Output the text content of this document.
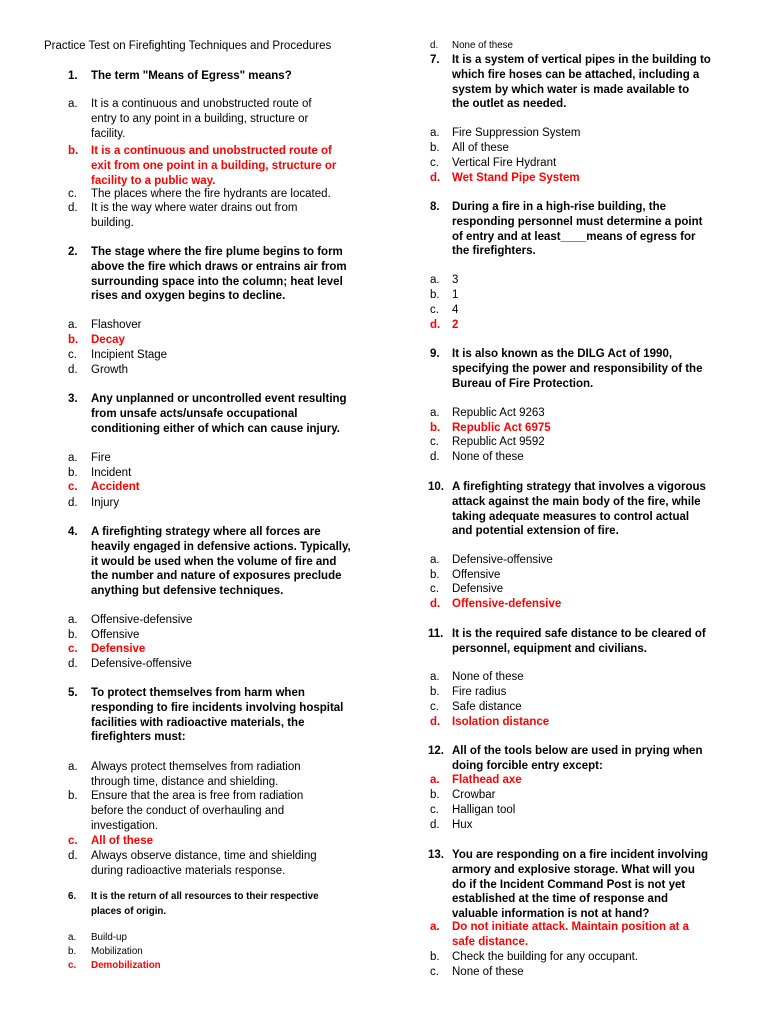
1.	The term "Means of Egress" means?
a. It is a continuous and unobstructed route of
entry to any point in a building, structure or
facility.
b. It is a continuous and unobstructed route of
exit from one point in a building, structure or
facility to a public way.
c. The places where the fire hydrants are located.
d. It is the way where water drains out from
building.
2.	The stage where the fire plume begins to form
above the fire which draws or entrains air from
surrounding space into the column; heat level
rises and oxygen begins to decline.
a. Flashover
b. Decay
c. Incipient Stage
d. Growth
3.	Any unplanned or uncontrolled event resulting
from unsafe acts/unsafe occupational
conditioning either of which can cause injury.
a. Fire
b. Incident
c. Accident
d. Injury
4.	A firefighting strategy where all forces are
heavily engaged in defensive actions. Typically,
it would be used when the volume of fire and
the number and nature of exposures preclude
anything but defensive techniques.
a. Offensive-defensive
b. Offensive
c. Defensive
d. Defensive-offensive
5.	To protect themselves from harm when
responding to fire incidents involving hospital
facilities with radioactive materials, the
firefighters must:
a. Always protect themselves from radiation
through time, distance and shielding.
b. Ensure that the area is free from radiation
before the conduct of overhauling and
investigation.
c. All of these
d. Always observe distance, time and shielding
during radioactive materials response.
6.	It is the return of all resources to their respective
places of origin.
a. Build-up
b. Mobilization
c. Demobilization
d. None of these
7.	It is a system of vertical pipes in the building to
which fire hoses can be attached, including a
system by which water is made available to
the outlet as needed.
a. Fire Suppression System
b. All of these
c. Vertical Fire Hydrant
d. Wet Stand Pipe System
8.	During a fire in a high-rise building, the
responding personnel must determine a point
of entry and at least____means of egress for
the firefighters.
a. 3
b. 1
c. 4
d. 2
9.	It is also known as the DILG Act of 1990,
specifying the power and responsibility of the
Bureau of Fire Protection.
a. Republic Act 9263
b. Republic Act 6975
c. Republic Act 9592
d. None of these
10. A firefighting strategy that involves a vigorous
attack against the main body of the fire, while
taking adequate measures to control actual
and potential extension of fire.
a. Defensive-offensive
b. Offensive
c. Defensive
d. Offensive-defensive
11. It is the required safe distance to be cleared of
personnel, equipment and civilians.
a. None of these
b. Fire radius
c. Safe distance
d. Isolation distance
12. All of the tools below are used in prying when
doing forcible entry except:
a. Flathead axe
b. Crowbar
c. Halligan tool
d. Hux
13. You are responding on a fire incident involving
armory and explosive storage. What will you
do if the Incident Command Post is not yet
established at the time of response and
valuable information is not at hand?
a. Do not initiate attack. Maintain position at a
safe distance.
b. Check the building for any occupant.
c. None of these
Practice Test on Firefighting Techniques and Procedures
